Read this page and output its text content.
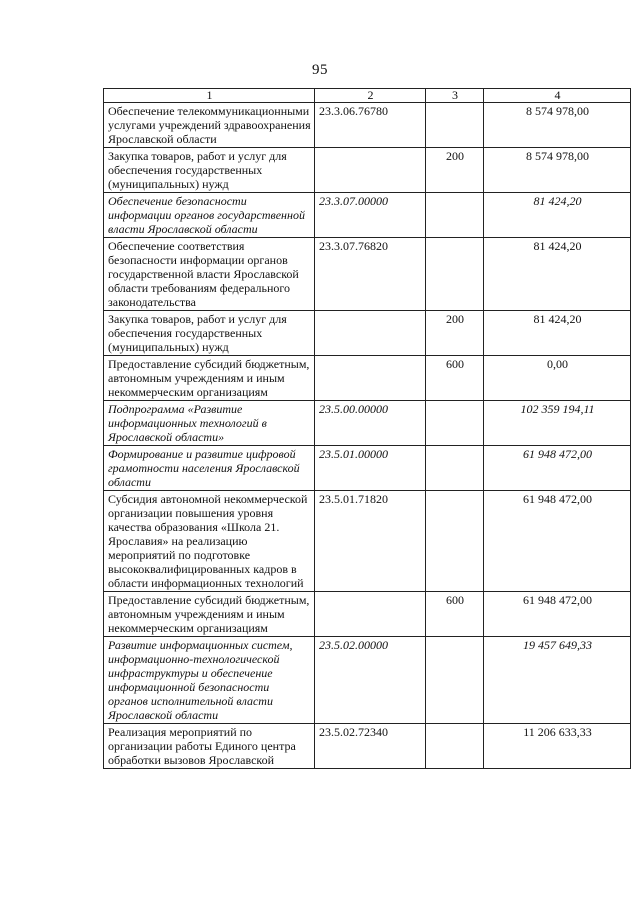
95
1	2	3	4
Обеспечение телекоммуникационными услугами учреждений здравоохранения Ярославской области	23.3.06.76780		8 574 978,00
Закупка товаров, работ и услуг для обеспечения государственных (муниципальных) нужд		200	8 574 978,00
Обеспечение безопасности информации органов государственной власти Ярославской области	23.3.07.00000		81 424,20
Обеспечение соответствия безопасности информации органов государственной власти Ярославской области требованиям федерального законодательства	23.3.07.76820		81 424,20
Закупка товаров, работ и услуг для обеспечения государственных (муниципальных) нужд		200	81 424,20
Предоставление субсидий бюджетным, автономным учреждениям и иным некоммерческим организациям		600	0,00
Подпрограмма «Развитие информационных технологий в Ярославской области»	23.5.00.00000		102 359 194,11
Формирование и развитие цифровой грамотности населения Ярославской области	23.5.01.00000		61 948 472,00
Субсидия автономной некоммерческой организации повышения уровня качества образования «Школа 21. Ярославия» на реализацию мероприятий по подготовке высококвалифицированных кадров в области информационных технологий	23.5.01.71820		61 948 472,00
Предоставление субсидий бюджетным, автономным учреждениям и иным некоммерческим организациям		600	61 948 472,00
Развитие информационных систем, информационно-технологической инфраструктуры и обеспечение информационной безопасности органов исполнительной власти Ярославской области	23.5.02.00000		19 457 649,33
Реализация мероприятий по организации работы Единого центра обработки вызовов Ярославской	23.5.02.72340		11 206 633,33
